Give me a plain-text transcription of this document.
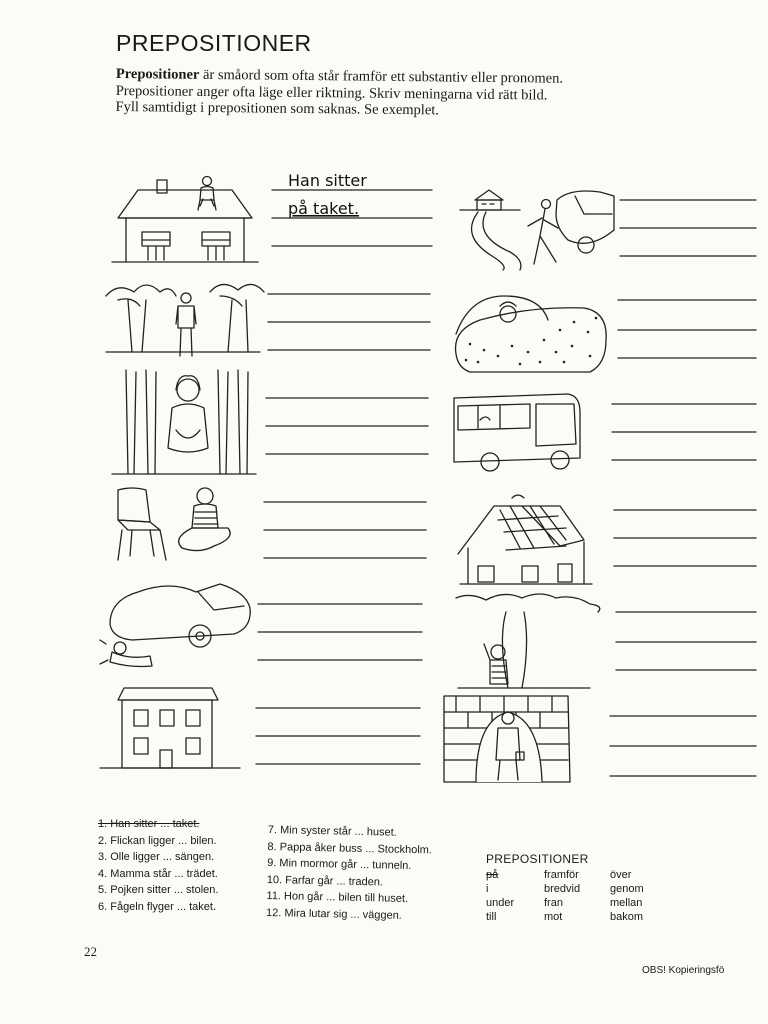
PREPOSITIONER

Prepositioner är småord som ofta står framför ett substantiv eller pronomen.

Prepositioner anger ofta läge eller riktning. Skriv meningarna vid rätt bild.

Fyll samtidigt i prepositionen som saknas. Se exemplet.

Han sitter
på taket.
1. Han sitter ... taket.
2. Flickan ligger ... bilen.
3. Olle ligger ... sängen.
4. Mamma står ... trädet.
5. Pojken sitter ... stolen.
6. Fågeln flyger ... taket.
7. Min syster står ... huset.
8. Pappa åker buss ... Stockholm.
9. Min mormor går ... tunneln.
10. Farfar går ... traden.
11. Hon går ... bilen till huset.
12. Mira lutar sig ... väggen.
PREPOSITIONER
på	framför	över
i	bredvid	genom
under	fran	mellan
till	mot	bakom
22
OBS! Kopieringsfö
